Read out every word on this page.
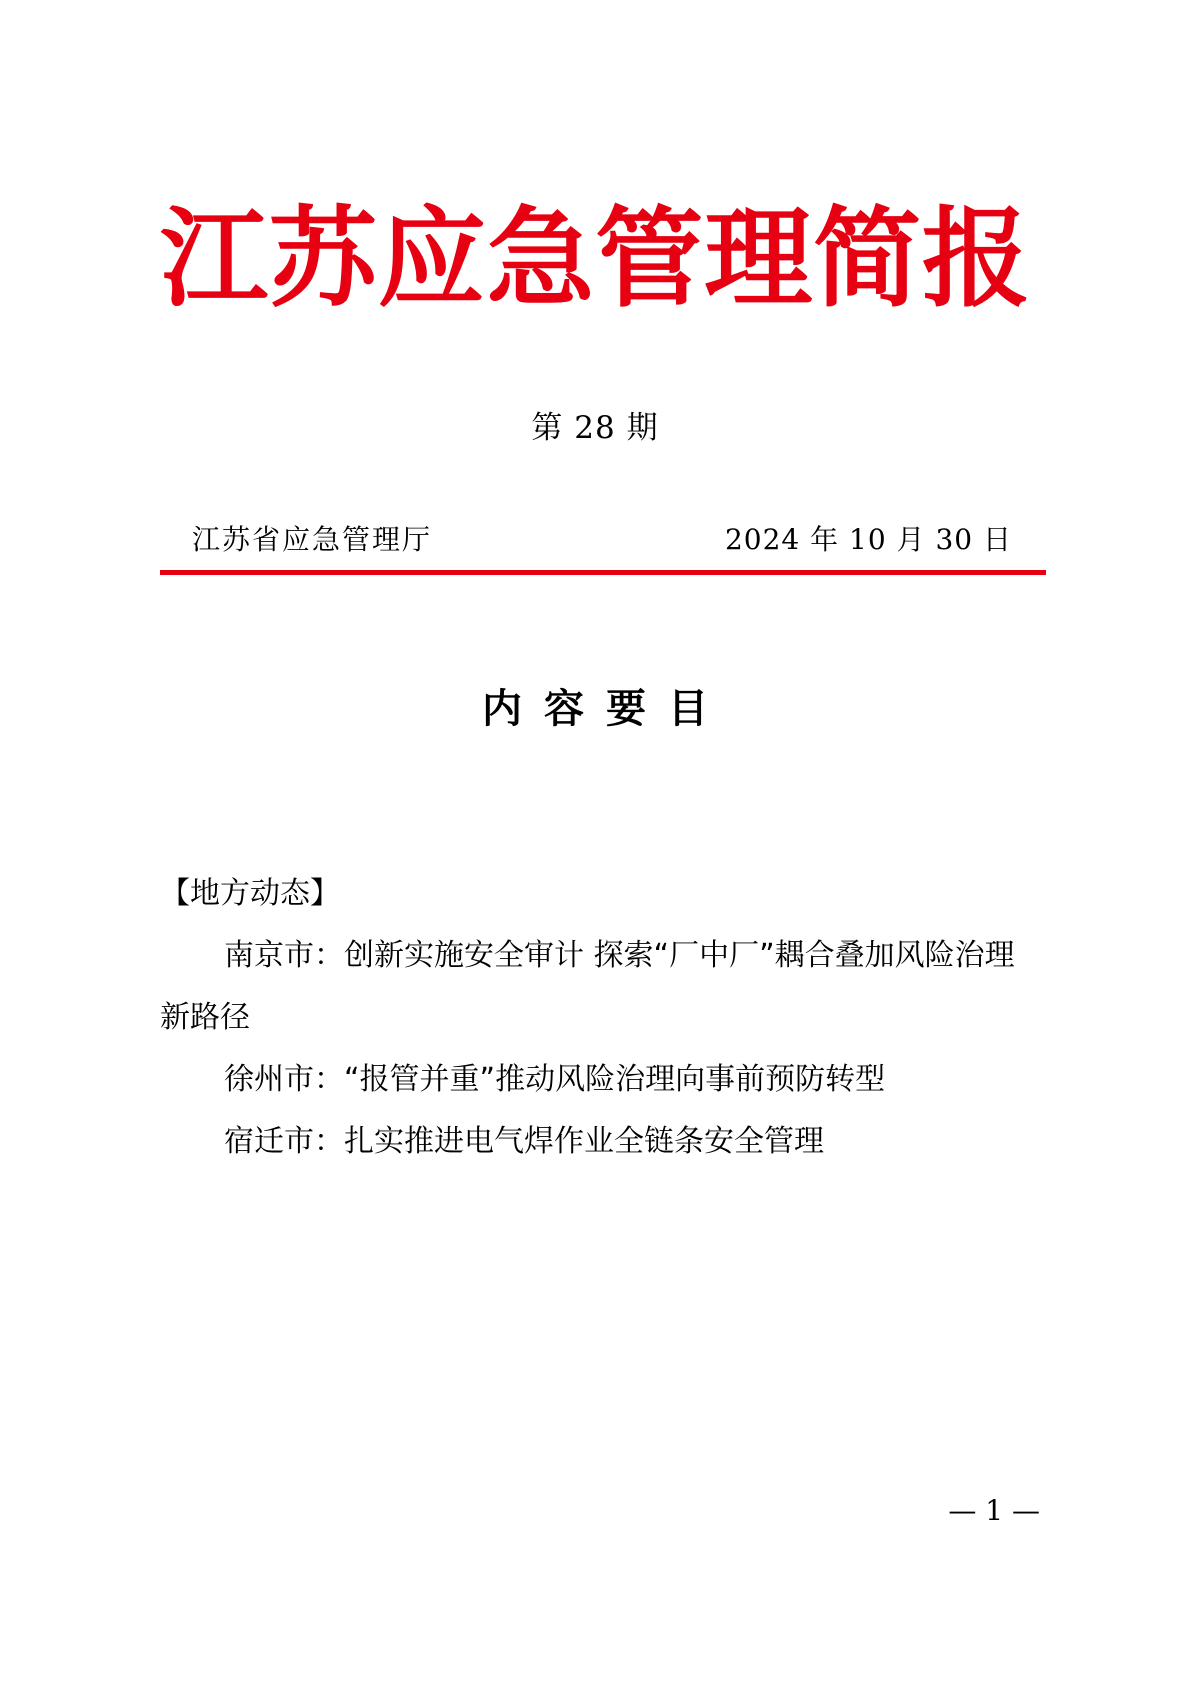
江 苏 应 急 管 理 简 报
第 28 期
江苏省应急管理厅	2024 年 10 月 30 日
内容要目
【地方动态】

南京市：创新实施安全审计 探索“厂中厂”耦合叠加风险治理新路径

徐州市：“报管并重”推动风险治理向事前预防转型

宿迁市：扎实推进电气焊作业全链条安全管理

— 1 —
